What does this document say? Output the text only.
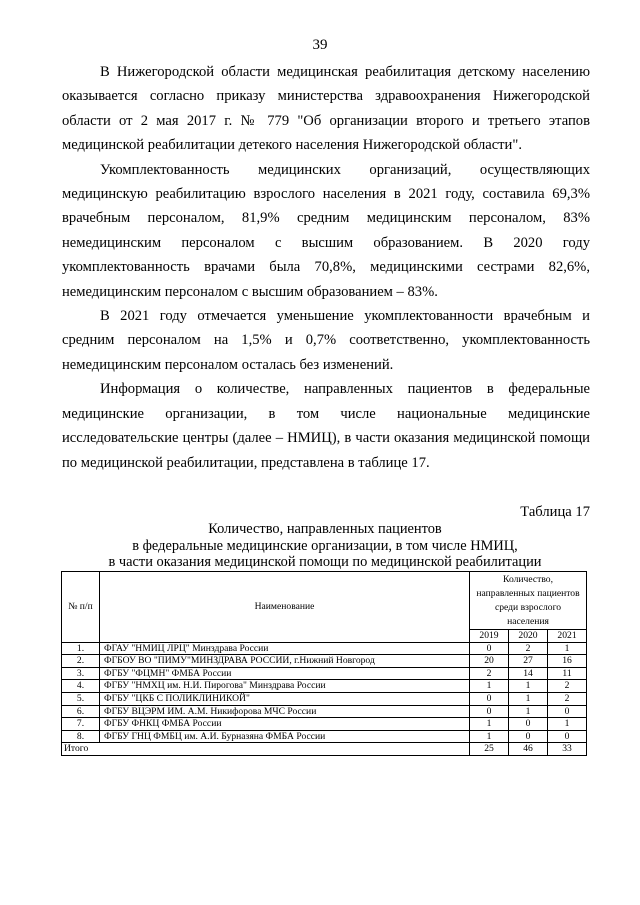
39

В Нижегородской области медицинская реабилитация детскому населению оказывается согласно приказу министерства здравоохранения Нижегородской области от 2 мая 2017 г. № 779 "Об организации второго и третьего этапов медицинской реабилитации детекого населения Нижегородской области".

Укомплектованность медицинских организаций, осуществляющих медицинскую реабилитацию взрослого населения в 2021 году, составила 69,3% врачебным персоналом, 81,9% средним медицинским персоналом, 83% немедицинским персоналом с высшим образованием. В 2020 году укомплектованность врачами была 70,8%, медицинскими сестрами 82,6%, немедицинским персоналом с высшим образованием – 83%.

В 2021 году отмечается уменьшение укомплектованности врачебным и средним персоналом на 1,5% и 0,7% соответственно, укомплектованность немедицинским персоналом осталась без изменений.

Информация о количестве, направленных пациентов в федеральные медицинские организации, в том числе национальные медицинские исследовательские центры (далее – НМИЦ), в части оказания медицинской помощи по медицинской реабилитации, представлена в таблице 17.

Таблица 17
Количество, направленных пациентов
в федеральные медицинские организации, в том числе НМИЦ,
в части оказания медицинской помощи по медицинской реабилитации
№ п/п	Наименование	Количество, направленных пациентов среди взрослого населения		
		2019	2020	2021
1.	ФГАУ "НМИЦ ЛРЦ" Минздрава России	0	2	1
2.	ФГБОУ ВО "ПИМУ"МИНЗДРАВА РОССИИ, г.Нижний Новгород	20	27	16
3.	ФГБУ "ФЦМН" ФМБА России	2	14	11
4.	ФГБУ "НМХЦ им. Н.И. Пирогова" Минздрава России	1	1	2
5.	ФГБУ "ЦКБ С ПОЛИКЛИНИКОЙ"	0	1	2
6.	ФГБУ ВЦЭРМ ИМ. А.М. Никифорова МЧС России	0	1	0
7.	ФГБУ ФНКЦ ФМБА России	1	0	1
8.	ФГБУ ГНЦ ФМБЦ им. А.И. Бурназяна ФМБА России	1	0	0
Итого		25	46	33
